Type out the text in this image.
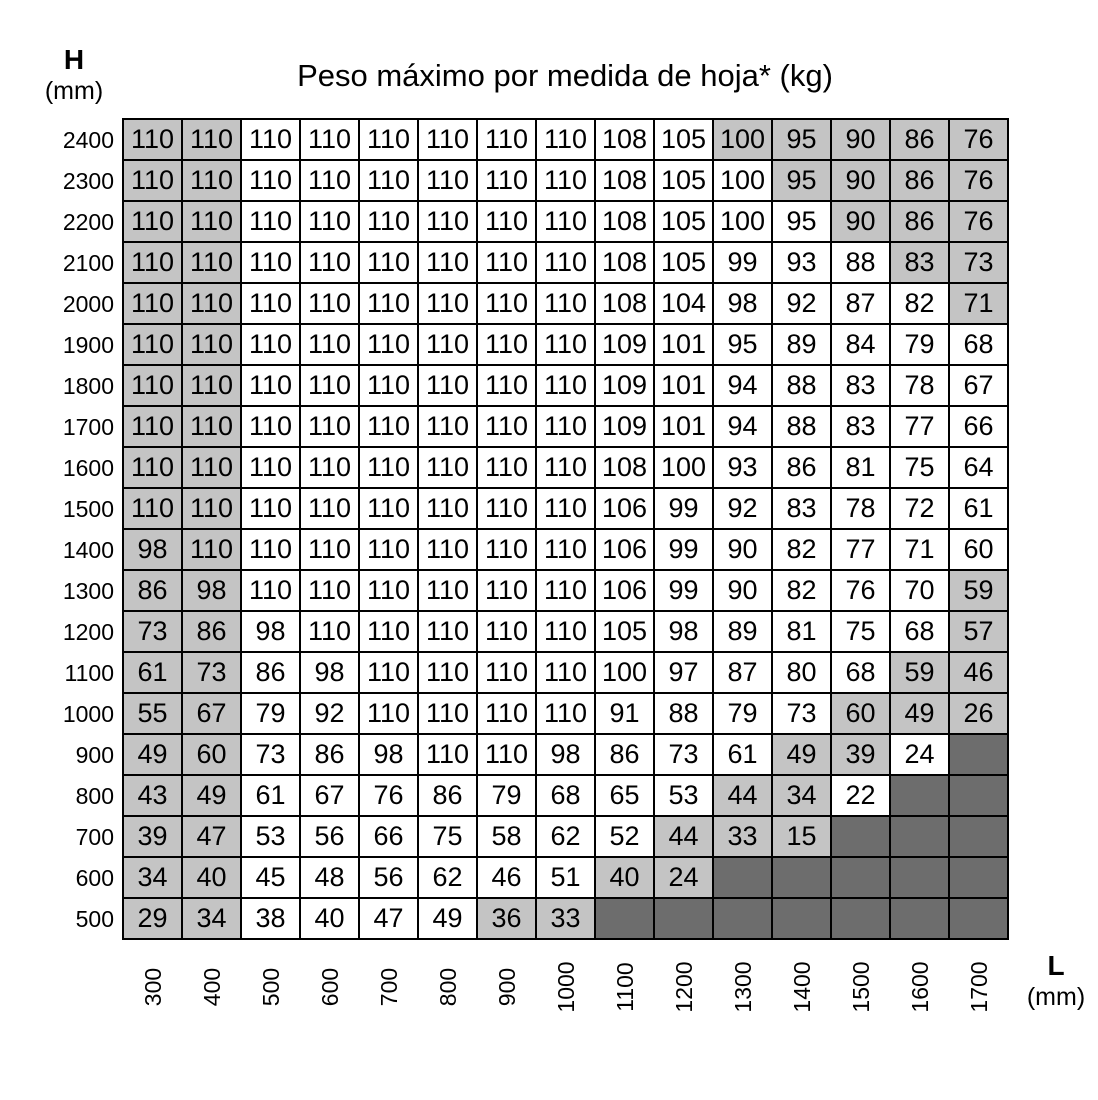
Peso máximo por medida de hoja* (kg)
H
(mm)
L
(mm)
2400
2300
2200
2100
2000
1900
1800
1700
1600
1500
1400
1300
1200
1100
1000
900
800
700
600
500
110	110	110	110	110	110	110	110	108	105	100	95	90	86	76
110	110	110	110	110	110	110	110	108	105	100	95	90	86	76
110	110	110	110	110	110	110	110	108	105	100	95	90	86	76
110	110	110	110	110	110	110	110	108	105	99	93	88	83	73
110	110	110	110	110	110	110	110	108	104	98	92	87	82	71
110	110	110	110	110	110	110	110	109	101	95	89	84	79	68
110	110	110	110	110	110	110	110	109	101	94	88	83	78	67
110	110	110	110	110	110	110	110	109	101	94	88	83	77	66
110	110	110	110	110	110	110	110	108	100	93	86	81	75	64
110	110	110	110	110	110	110	110	106	99	92	83	78	72	61
98	110	110	110	110	110	110	110	106	99	90	82	77	71	60
86	98	110	110	110	110	110	110	106	99	90	82	76	70	59
73	86	98	110	110	110	110	110	105	98	89	81	75	68	57
61	73	86	98	110	110	110	110	100	97	87	80	68	59	46
55	67	79	92	110	110	110	110	91	88	79	73	60	49	26
49	60	73	86	98	110	110	98	86	73	61	49	39	24	
43	49	61	67	76	86	79	68	65	53	44	34	22		
39	47	53	56	66	75	58	62	52	44	33	15			
34	40	45	48	56	62	46	51	40	24					
29	34	38	40	47	49	36	33							
300 400 500 600 700 800 900 1000 1100 1200 1300 1400 1500 1600 1700
